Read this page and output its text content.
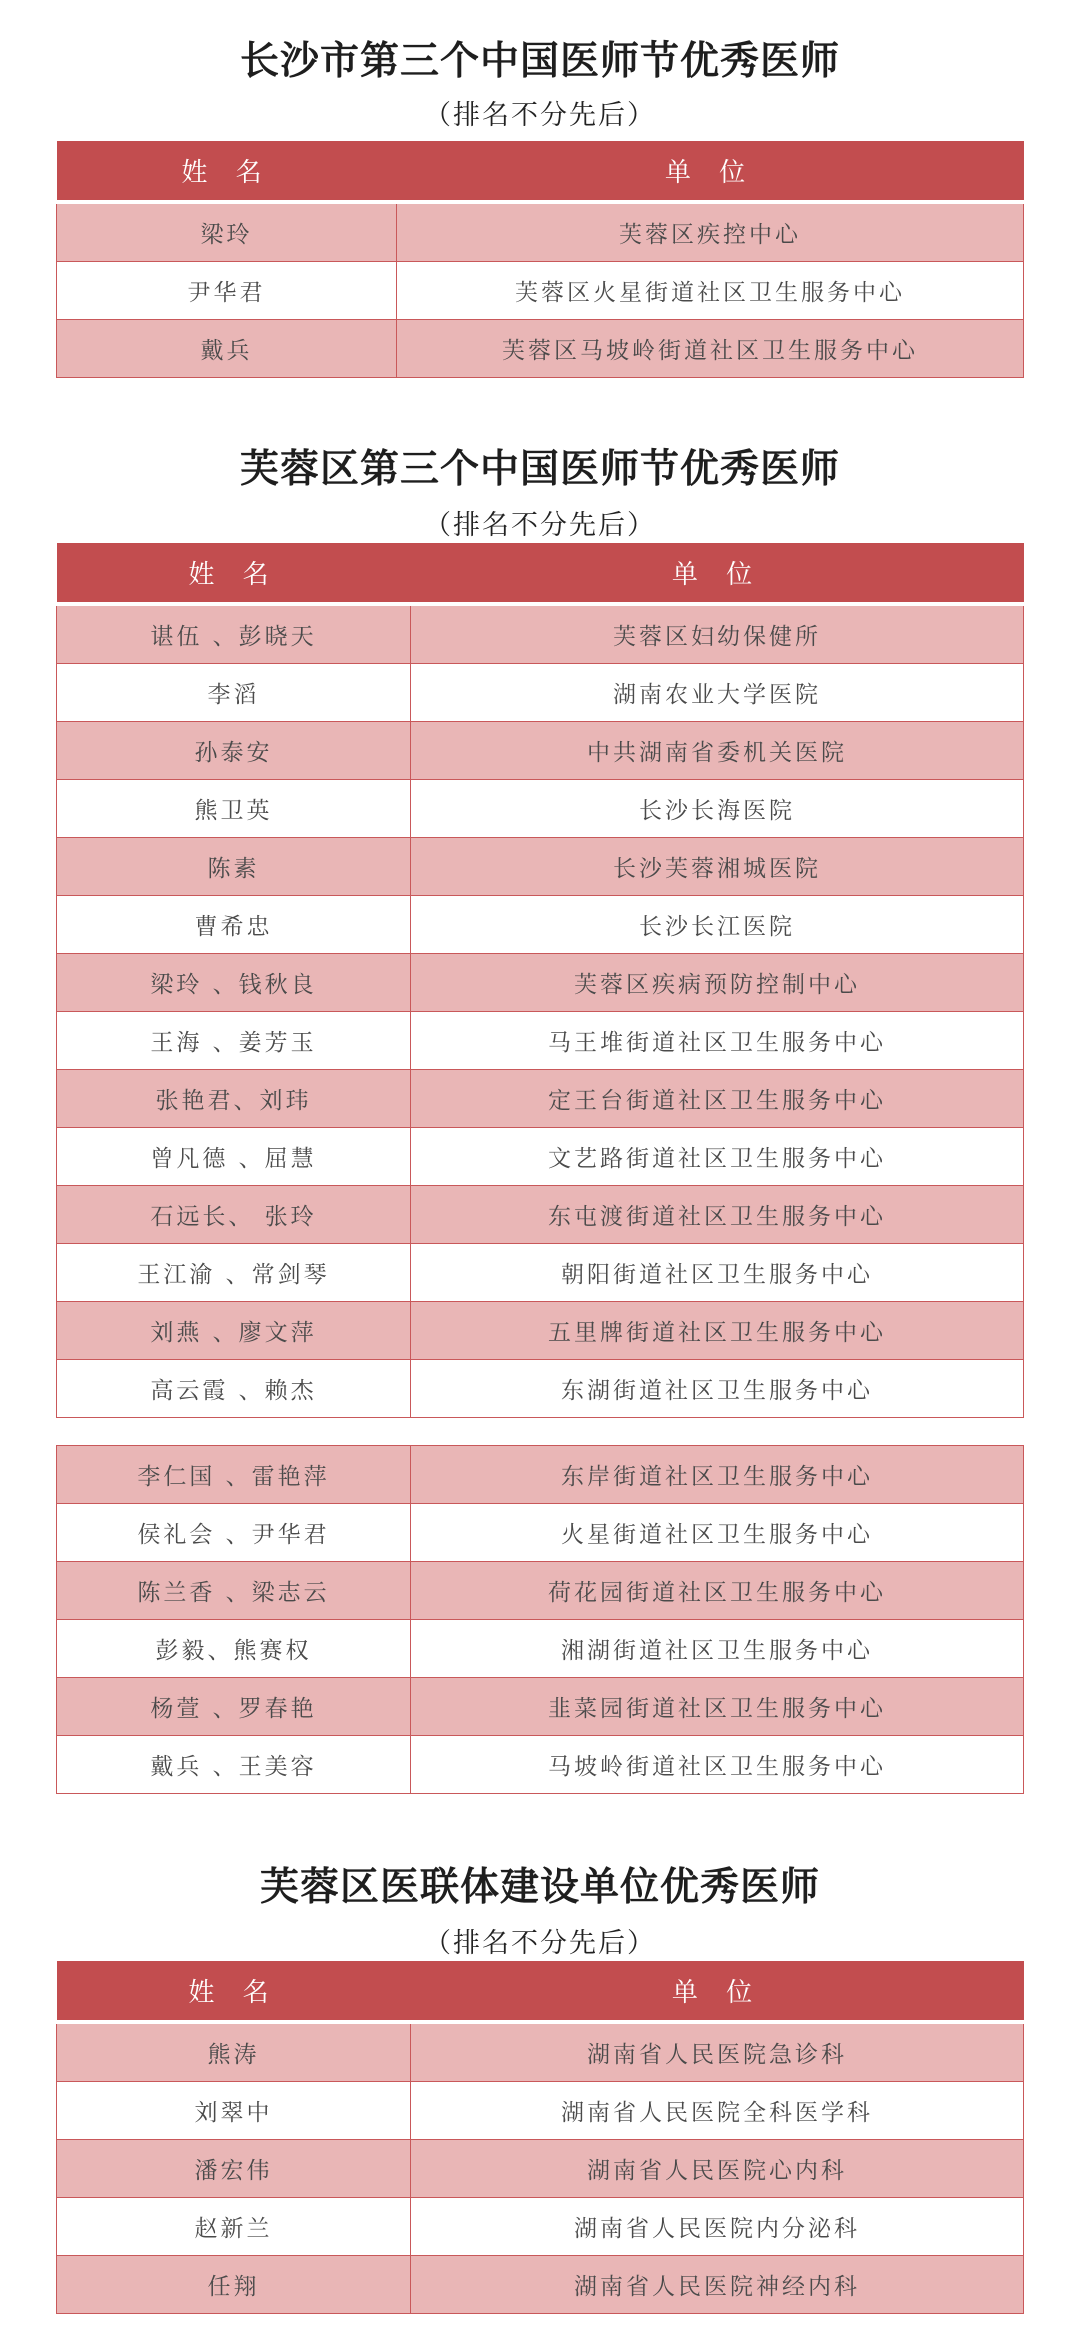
长沙市第三个中国医师节优秀医师
（排名不分先后）
姓 名	单 位
梁玲	芙蓉区疾控中心
尹华君	芙蓉区火星街道社区卫生服务中心
戴兵	芙蓉区马坡岭街道社区卫生服务中心
芙蓉区第三个中国医师节优秀医师
（排名不分先后）
姓 名	单 位
谌伍 、彭晓天	芙蓉区妇幼保健所
李滔	湖南农业大学医院
孙泰安	中共湖南省委机关医院
熊卫英	长沙长海医院
陈素	长沙芙蓉湘城医院
曹希忠	长沙长江医院
梁玲 、钱秋良	芙蓉区疾病预防控制中心
王海 、姜芳玉	马王堆街道社区卫生服务中心
张艳君、刘玮	定王台街道社区卫生服务中心
曾凡德 、屈慧	文艺路街道社区卫生服务中心
石远长、 张玲	东屯渡街道社区卫生服务中心
王江渝 、常剑琴	朝阳街道社区卫生服务中心
刘燕 、廖文萍	五里牌街道社区卫生服务中心
高云霞 、赖杰	东湖街道社区卫生服务中心
李仁国 、雷艳萍	东岸街道社区卫生服务中心
侯礼会 、尹华君	火星街道社区卫生服务中心
陈兰香 、梁志云	荷花园街道社区卫生服务中心
彭毅、熊赛权	湘湖街道社区卫生服务中心
杨萱 、罗春艳	韭菜园街道社区卫生服务中心
戴兵 、王美容	马坡岭街道社区卫生服务中心
芙蓉区医联体建设单位优秀医师
（排名不分先后）
姓 名	单 位
熊涛	湖南省人民医院急诊科
刘翠中	湖南省人民医院全科医学科
潘宏伟	湖南省人民医院心内科
赵新兰	湖南省人民医院内分泌科
任翔	湖南省人民医院神经内科
